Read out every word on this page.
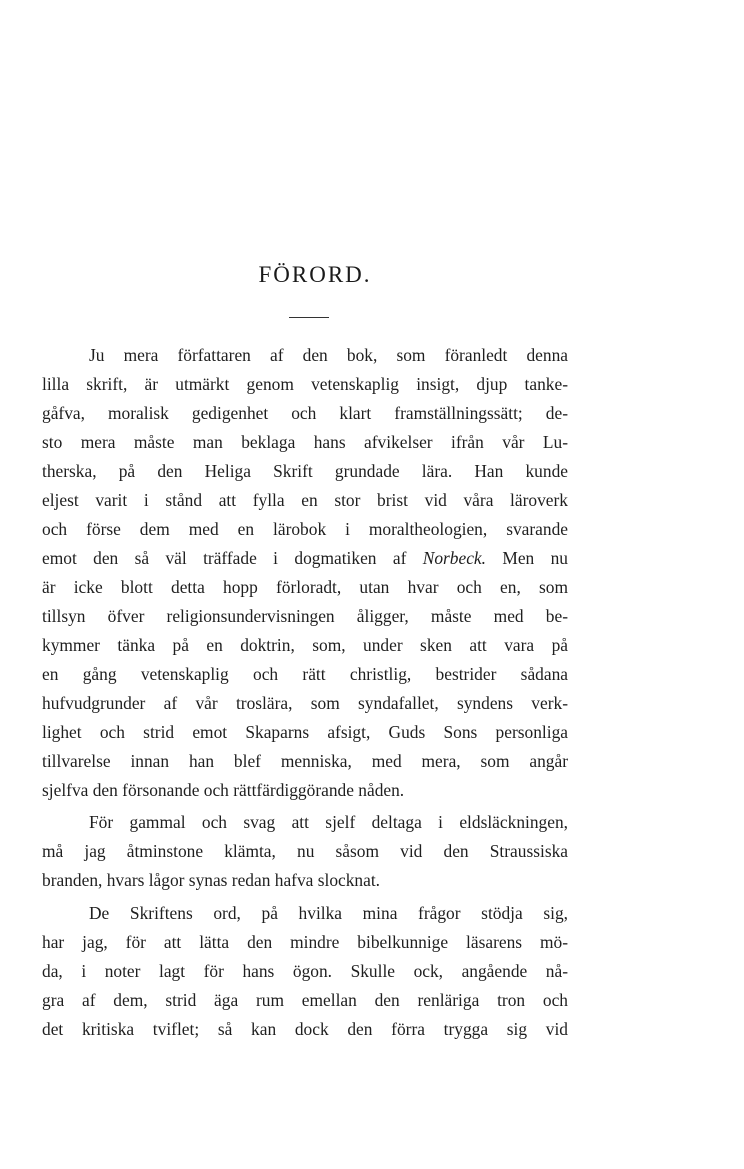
FÖRORD.
Ju mera författaren af den bok, som föranledt denna
lilla skrift, är utmärkt genom vetenskaplig insigt, djup tanke-
gåfva, moralisk gedigenhet och klart framställningssätt; de-
sto mera måste man beklaga hans afvikelser ifrån vår Lu-
therska, på den Heliga Skrift grundade lära. Han kunde
eljest varit i stånd att fylla en stor brist vid våra läroverk
och förse dem med en lärobok i moraltheologien, svarande
emot den så väl träffade i dogmatiken af Norbeck. Men nu
är icke blott detta hopp förloradt, utan hvar och en, som
tillsyn öfver religionsundervisningen åligger, måste med be-
kymmer tänka på en doktrin, som, under sken att vara på
en gång vetenskaplig och rätt christlig, bestrider sådana
hufvudgrunder af vår troslära, som syndafallet, syndens verk-
lighet och strid emot Skaparns afsigt, Guds Sons personliga
tillvarelse innan han blef menniska, med mera, som angår
sjelfva den försonande och rättfärdiggörande nåden.
För gammal och svag att sjelf deltaga i eldsläckningen,
må jag åtminstone klämta, nu såsom vid den Straussiska
branden, hvars lågor synas redan hafva slocknat.
De Skriftens ord, på hvilka mina frågor stödja sig,
har jag, för att lätta den mindre bibelkunnige läsarens mö-
da, i noter lagt för hans ögon. Skulle ock, angående nå-
gra af dem, strid äga rum emellan den renläriga tron och
det kritiska tviflet; så kan dock den förra trygga sig vid
